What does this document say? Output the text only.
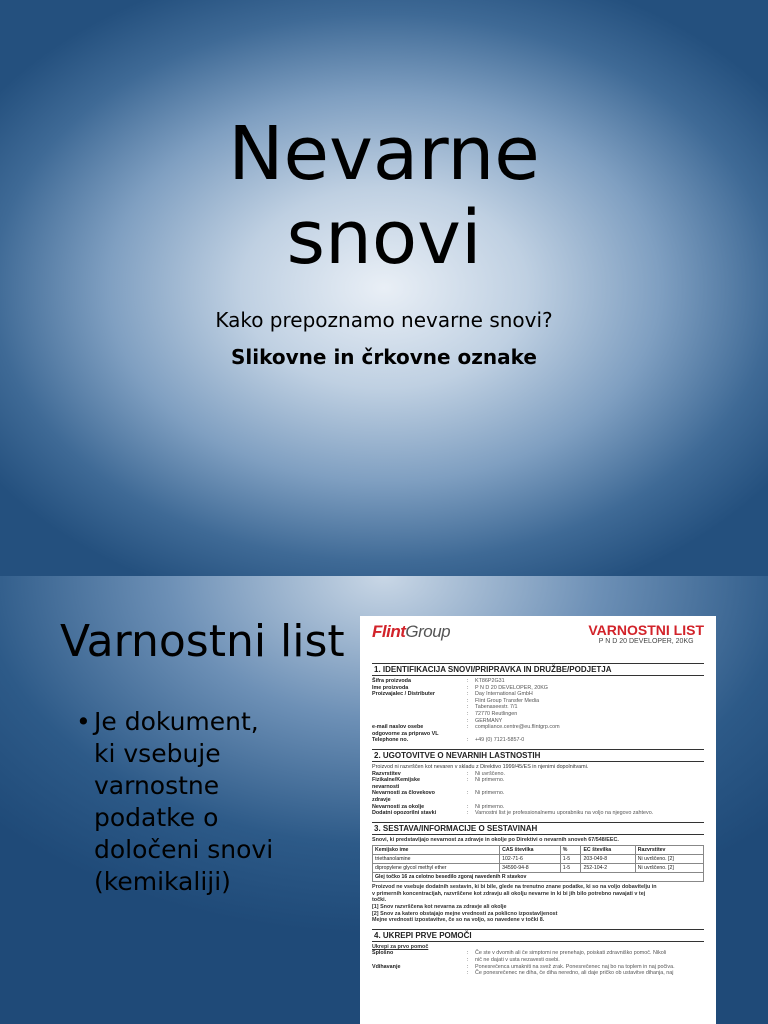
Nevarne
snovi

Kako prepoznamo nevarne snovi?

Slikovne in črkovne oznake

Varnostni list
• Je dokument,
ki vsebuje
varnostne
podatke o
določeni snovi
(kemikaliji)
FlintGroup	VARNOSTNI LIST
P N D 20 DEVELOPER, 20KG
1. IDENTIFIKACIJA SNOVI/PRIPRAVKA IN DRUŽBE/PODJETJA
Šifra proizvoda	:	KT86P2G31
Ime proizvoda	:	P N D 20 DEVELOPER, 20KG
Proizvajalec / Distributer	:	Day International GmbH
:	Flint Group Transfer Media
:	Tabenaseestr. 7/1
:	72770 Reutlingen
:	GERMANY
e-mail naslov osebe	:	compliance.centre@eu.flintgrp.com
odgovorne za pripravo VL
Telephone no.	:	+49 (0) 7121-5857-0
2. UGOTOVITVE O NEVARNIH LASTNOSTIH
Proizvod ni razvrščen kot nevaren v skladu z Direktivo 1999/45/ES in njenimi dopolnitvami.
Razvrstitev	:	Ni uvrščeno.
Fizikalne/Kemijske	:	Ni primerno.
nevarnosti
Nevarnosti za človekovo	:	Ni primerno.
zdravje
Nevarnosti za okolje	:	Ni primerno.
Dodatni opozorilni stavki	:	Varnostni list je professionalnemu uporabniku na voljo na njegovo zahtevo.
3. SESTAVA/INFORMACIJE O SESTAVINAH
Snovi, ki predstavljajo nevarnost za zdravje in okolje po Direktivi o nevarnih snoveh 67/548/EEC.
Kemijsko ime	CAS številka	%	EC številka	Razvrstitev
triethanolamine	102-71-6	1-5	203-049-8	Ni uvrščeno. [2]
dipropylene glycol methyl ether	34590-94-8	1-5	252-104-2	Ni uvrščeno. [2]
Glej točko 16 za celotno besedilo zgoraj navedenih R stavkov				
Proizvod ne vsebuje dodatnih sestavin, ki bi bile, glede na trenutno znane podatke, ki so na voljo dobavitelju in
v primernih koncentracijah, razvrščene kot zdravju ali okolju nevarne in ki bi jih bilo potrebno navajati v tej
točki.
[1] Snov razvrščena kot nevarna za zdravje ali okolje
[2] Snov za katero obstajajo mejne vrednosti za poklicno izpostavljenost
Mejne vrednosti izpostavitve, če so na voljo, so navedene v točki 8.
4. UKREPI PRVE POMOČI
Ukrepi za prvo pomoč
Splošno	:	Če ste v dvomih ali če simptomi ne prenehajo, poiskati zdravniško pomoč. Nikoli
:	nič ne dajati v usta nezavesti osebi.
Vdihavanje	:	Ponesrečenca umakniti na svež zrak. Ponesrečenec naj bo na toplem in naj počiva.
:	Če ponesrečenec ne diha, če diha neredno, ali daje pričko ob ustavitve dihanja, naj
